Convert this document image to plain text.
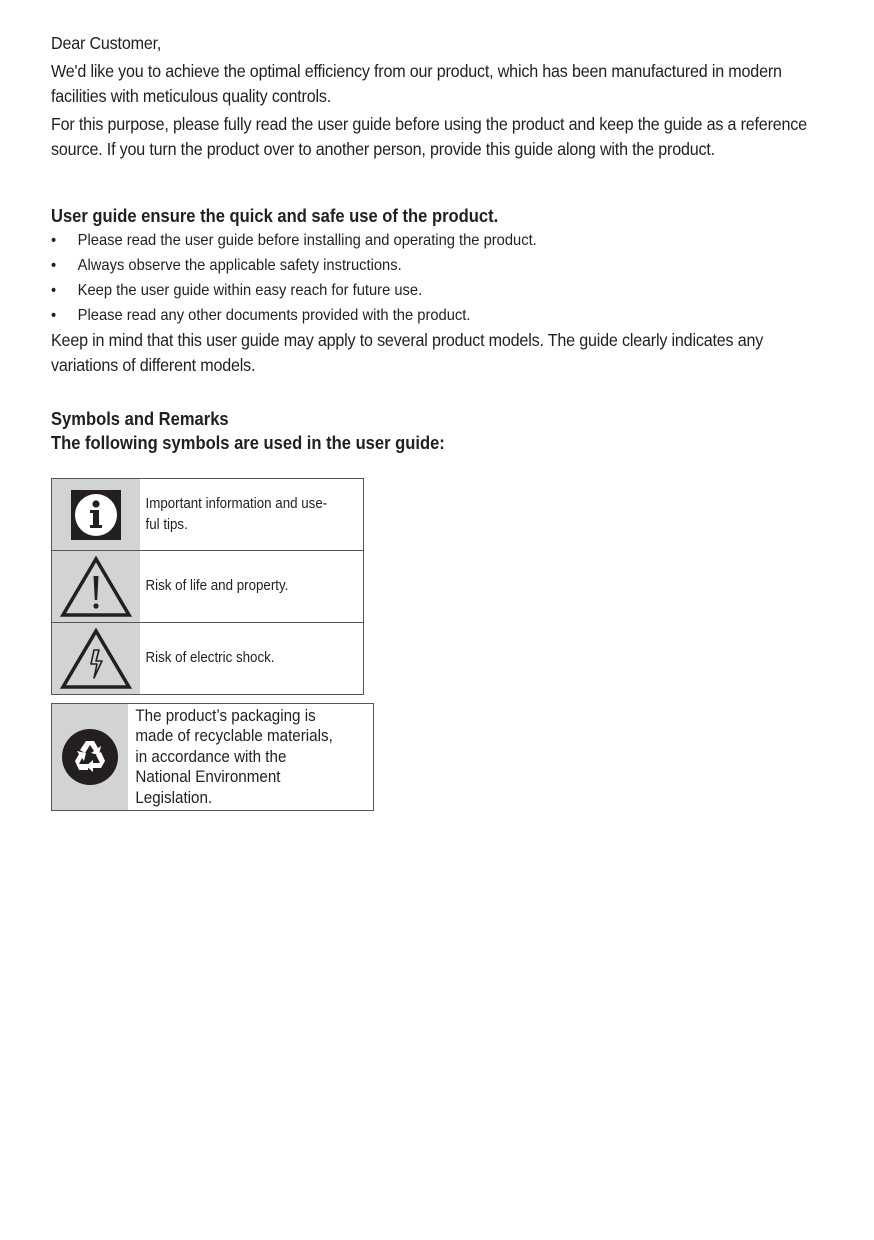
Dear Customer,

We'd like you to achieve the optimal efficiency from our product, which has been manufactured in modern facilities with meticulous quality controls.

For this purpose, please fully read the user guide before using the product and keep the guide as a reference source. If you turn the product over to another person, provide this guide along with the product.

User guide ensure the quick and safe use of the product.

• Please read the user guide before installing and operating the product.
• Always observe the applicable safety instructions.
• Keep the user guide within easy reach for future use.
• Please read any other documents provided with the product.

Keep in mind that this user guide may apply to several product models. The guide clearly indicates any variations of different models.

Symbols and Remarks

The following symbols are used in the user guide:

Important information and use-ful tips.
Risk of life and property.
Risk of electric shock.
The product’s packaging is made of recyclable materials, in accordance with the National Environment Legislation.
